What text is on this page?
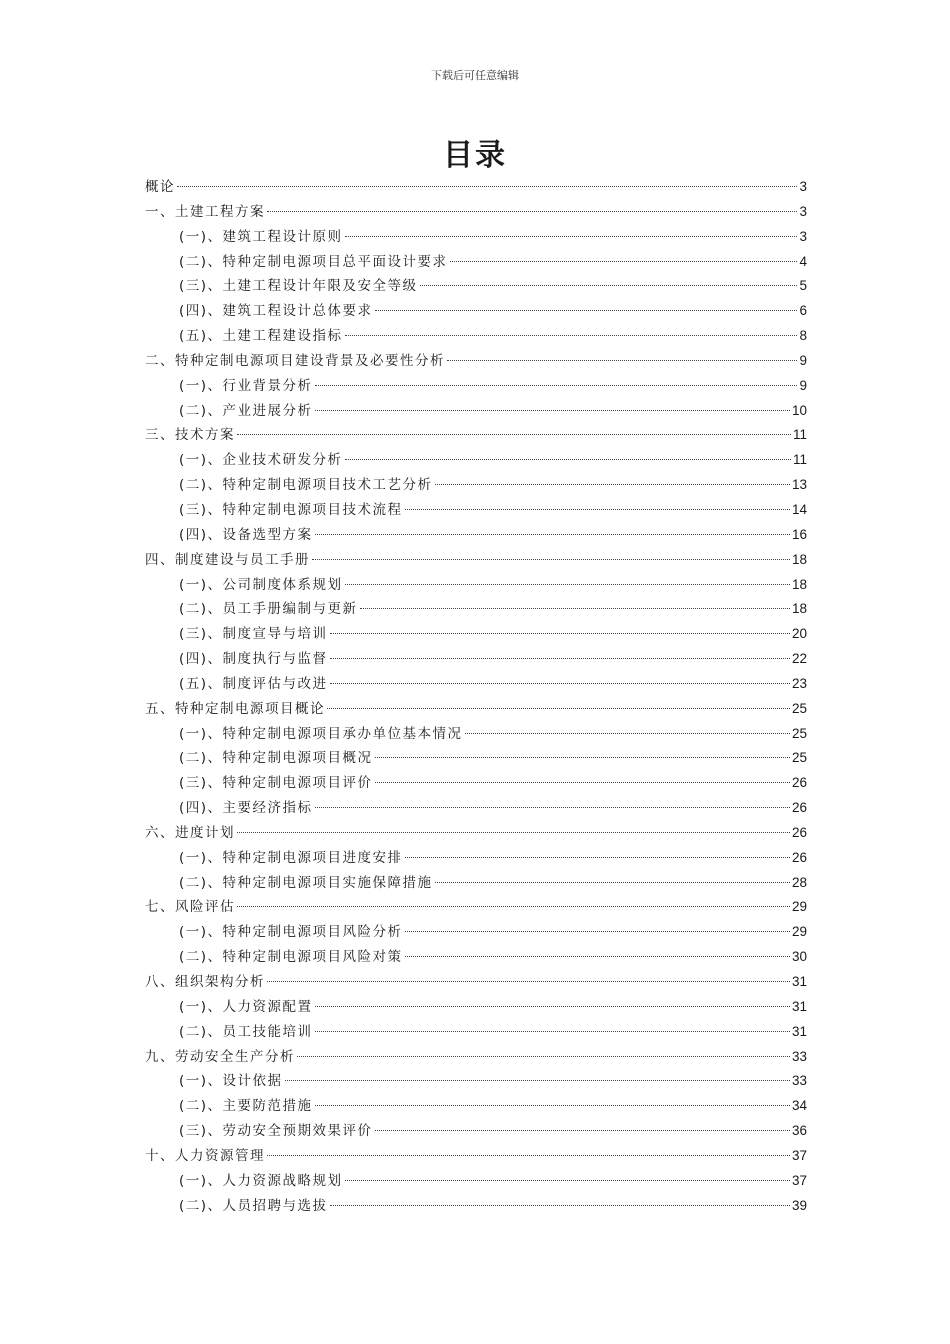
下载后可任意编辑
目录
概论	3
一、土建工程方案	3
(一)、建筑工程设计原则	3
(二)、特种定制电源项目总平面设计要求	4
(三)、土建工程设计年限及安全等级	5
(四)、建筑工程设计总体要求	6
(五)、土建工程建设指标	8
二、特种定制电源项目建设背景及必要性分析	9
(一)、行业背景分析	9
(二)、产业进展分析	10
三、技术方案	11
(一)、企业技术研发分析	11
(二)、特种定制电源项目技术工艺分析	13
(三)、特种定制电源项目技术流程	14
(四)、设备选型方案	16
四、制度建设与员工手册	18
(一)、公司制度体系规划	18
(二)、员工手册编制与更新	18
(三)、制度宣导与培训	20
(四)、制度执行与监督	22
(五)、制度评估与改进	23
五、特种定制电源项目概论	25
(一)、特种定制电源项目承办单位基本情况	25
(二)、特种定制电源项目概况	25
(三)、特种定制电源项目评价	26
(四)、主要经济指标	26
六、进度计划	26
(一)、特种定制电源项目进度安排	26
(二)、特种定制电源项目实施保障措施	28
七、风险评估	29
(一)、特种定制电源项目风险分析	29
(二)、特种定制电源项目风险对策	30
八、组织架构分析	31
(一)、人力资源配置	31
(二)、员工技能培训	31
九、劳动安全生产分析	33
(一)、设计依据	33
(二)、主要防范措施	34
(三)、劳动安全预期效果评价	36
十、人力资源管理	37
(一)、人力资源战略规划	37
(二)、人员招聘与选拔	39
